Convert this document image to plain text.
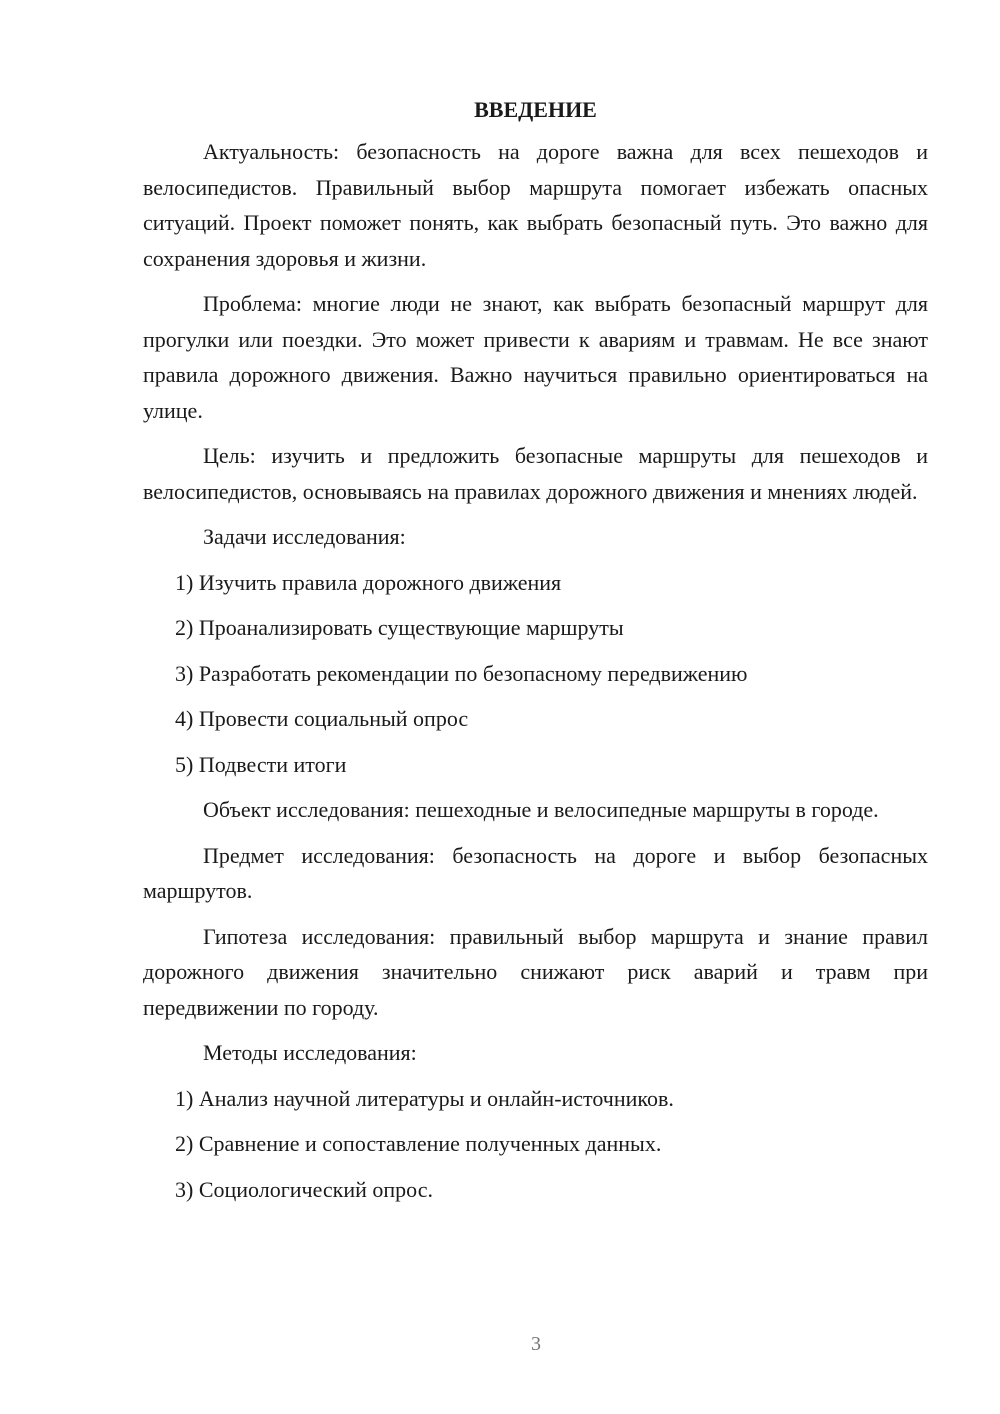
ВВЕДЕНИЕ

Актуальность: безопасность на дороге важна для всех пешеходов и велосипедистов. Правильный выбор маршрута помогает избежать опасных ситуаций. Проект поможет понять, как выбрать безопасный путь. Это важно для сохранения здоровья и жизни.

Проблема: многие люди не знают, как выбрать безопасный маршрут для прогулки или поездки. Это может привести к авариям и травмам. Не все знают правила дорожного движения. Важно научиться правильно ориентироваться на улице.

Цель: изучить и предложить безопасные маршруты для пешеходов и велосипедистов, основываясь на правилах дорожного движения и мнениях людей.

Задачи исследования:

1) Изучить правила дорожного движения
2) Проанализировать существующие маршруты
3) Разработать рекомендации по безопасному передвижению
4) Провести социальный опрос
5) Подвести итоги

Объект исследования: пешеходные и велосипедные маршруты в городе.

Предмет исследования: безопасность на дороге и выбор безопасных маршрутов.

Гипотеза исследования: правильный выбор маршрута и знание правил дорожного движения значительно снижают риск аварий и травм при передвижении по городу.

Методы исследования:

1) Анализ научной литературы и онлайн-источников.
2) Сравнение и сопоставление полученных данных.
3) Социологический опрос.
3
